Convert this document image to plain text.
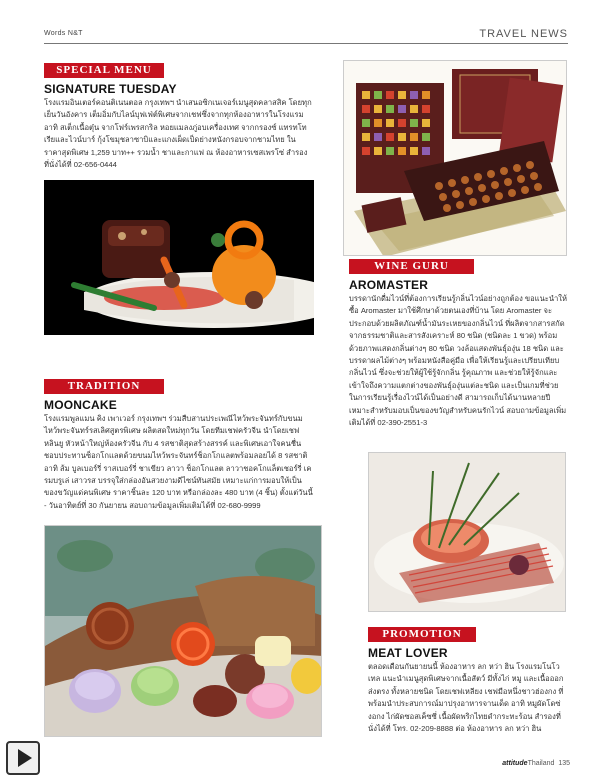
Words N&T	TRAVEL NEWS
SPECIAL MENU
SIGNATURE TUESDAY
โรงแรมอินเตอร์คอนติเนนตอล กรุงเทพฯ นำเสนอซิกเนเจอร์เมนูสุดคลาสสิค โดยทุกเย็นวันอังคาร เต็มอิ่มกับไลน์บุฟเฟ่ต์พิเศษจากเชฟซึ่งจากทุกห้องอาหารในโรงแรม อาทิ สเต็กเนื้อตุ๋น จากโฟร์เพรสกริล หอยแมลงภู่อบเครื่องเทศ จากกรองซ์ แทรทโทเรียและไวน์บาร์ กุ้งโขมุชลาซาบิและแกงเผ็ดเป็ดย่างหนังกรอบจากชามไทย ในราคาสุดพิเศษ 1,259 บาท++ รวมน้ำ ชาและกาแฟ ณ ห้องอาหารเซสเพรโซ่ สำรองที่นั่งได้ที่ 02-656-0444
WINE GURU
AROMASTER
บรรดานักดื่มไวน์ที่ต้องการเรียนรู้กลิ่นไวน์อย่างถูกต้อง ขอแนะนำให้ซื้อ Aromaster มาใช้ศึกษาด้วยตนเองที่บ้าน โดย Aromaster จะประกอบด้วยผลิตภัณฑ์น้ำมันระเหยของกลิ่นไวน์ ที่ผลิตจากสารสกัดจากธรรมชาติและสารสังเคราะห์ 80 ชนิด (ชนิดละ 1 ขวด) พร้อมด้วยภาพแสดงกลิ่นต่างๆ 80 ชนิด วงล้อแสดงพันธุ์องุ่น 18 ชนิด และบรรดาผลไม้ต่างๆ พร้อมหนังสือคู่มือ เพื่อให้เรียนรู้และเปรียบเทียบกลิ่นไวน์ ซึ่งจะช่วยให้ผู้ใช้รู้จักกลิ่น รู้คุณภาพ และช่วยให้รู้จักและเข้าใจถึงความแตกต่างของพันธุ์องุ่นแต่ละชนิด และเป็นเกมที่ช่วยในการเรียนรู้เรื่องไวน์ได้เป็นอย่างดี สามารถเก็บได้นานหลายปี เหมาะสำหรับมอบเป็นของขวัญสำหรับคนรักไวน์ สอบถามข้อมูลเพิ่มเติมได้ที่ 02-390-2551-3
TRADITION
MOONCAKE
โรงแรมพูลแมน คิง เพาเวอร์ กรุงเทพฯ ร่วมสืบสานประเพณีไหว้พระจันทร์กับขนมไหว้พระจันทร์รสเลิศสูตรพิเศษ ผลิตสดใหม่ทุกวัน โดยทีมเชฟครัวจีน นำโดยเชฟหลินยู หัวหน้าใหญ่ห้องครัวจีน กับ 4 รสชาติสุดสร้างสรรค์ และพิเศษเอาใจคนชื่นชอบประทานซ็อกโกแลตด้วยขนมไหว้พระจันทร์ช็อกโกแลตพร้อมลอยได้ 8 รสชาติ อาทิ ส้ม บูลเบอร์รี่ ราสเบอร์รี่ ชาเขียว ลาวา ช็อกโกแลต ลาวาชอคโกแล็ตเชอร์รี่ เครมบรูเล่ เสาวรส บรรจุใส่กล่องอันสวยงามดีไซน์ทันสมัย เหมาะแก่การมอบให้เป็นของขวัญแด่คนพิเศษ ราคาชิ้นละ 120 บาท หรือกล่องละ 480 บาท (4 ชิ้น) ตั้งแต่วันนี้ - วันอาทิตย์ที่ 30 กันยายน สอบถามข้อมูลเพิ่มเติมได้ที่ 02-680-9999
PROMOTION
MEAT LOVER
ตลอดเดือนกันยายนนี้ ห้องอาหาร ลก หว่า ฮิน โรงแรมโนโวเทล แนะนำเมนูสุดพิเศษจากเนื้อสัตว์ มีทั้งไก่ หมู และเนื้อออกส่งตรง ทั้งหลายชนิด โดยเชฟเหลียง เชฟมือหนึ่งชาวฮ่องกง ที่พร้อมนำประสบการณ์มาปรุงอาหารจานเด็ด อาทิ หมูผัดโดซ่งอกง ไก่ผัดซอสเค็ซซี่ เนื้อผัดพริกไทยดำกระทะร้อน สำรองที่นั่งได้ที่ โทร. 02-209-8888 ต่อ ห้องอาหาร ลก หว่า ฮิน
attitudeThailand 135
